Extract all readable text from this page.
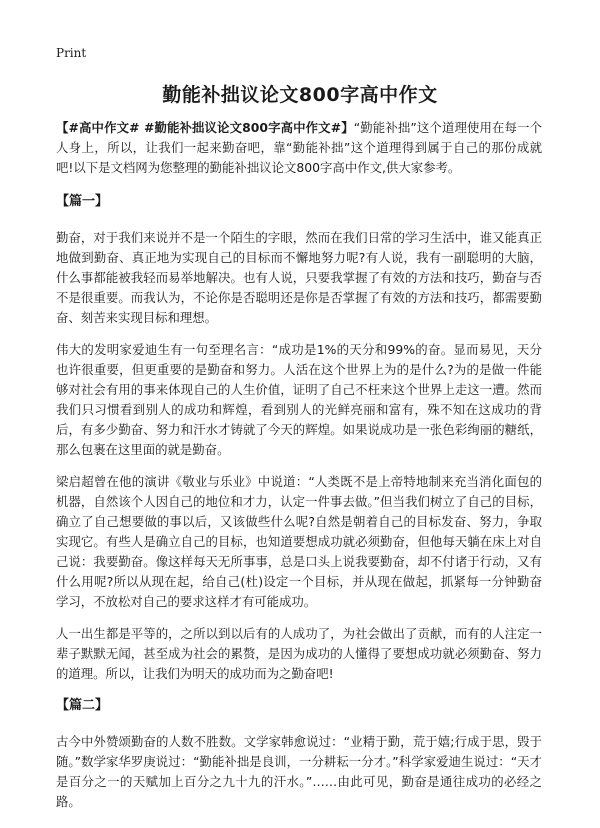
Print
勤能补拙议论文800字高中作文

【#高中作文# #勤能补拙议论文800字高中作文#】“勤能补拙”这个道理使用在每一个人身上，所以，让我们一起来勤奋吧，靠“勤能补拙”这个道理得到属于自己的那份成就吧!以下是文档网为您整理的勤能补拙议论文800字高中作文,供大家参考。

【篇一】

勤奋，对于我们来说并不是一个陌生的字眼，然而在我们日常的学习生活中，谁又能真正地做到勤奋、真正地为实现自己的目标而不懈地努力呢?有人说，我有一副聪明的大脑，什么事都能被我轻而易举地解决。也有人说，只要我掌握了有效的方法和技巧，勤奋与否不是很重要。而我认为，不论你是否聪明还是你是否掌握了有效的方法和技巧，都需要勤奋、刻苦来实现目标和理想。

伟大的发明家爱迪生有一句至理名言：“成功是1%的天分和99%的奋。显而易见，天分也许很重要，但更重要的是勤奋和努力。人活在这个世界上为的是什么?为的是做一件能够对社会有用的事来体现自己的人生价值，证明了自己不枉来这个世界上走这一遭。然而我们只习惯看到别人的成功和辉煌，看到别人的光鲜亮丽和富有，殊不知在这成功的背后，有多少勤奋、努力和汗水才铸就了今天的辉煌。如果说成功是一张色彩绚丽的糖纸，那么包裹在这里面的就是勤奋。

梁启超曾在他的演讲《敬业与乐业》中说道：“人类既不是上帝特地制来充当消化面包的机器，自然该个人因自己的地位和才力，认定一件事去做。”但当我们树立了自己的目标，确立了自己想要做的事以后，又该做些什么呢?自然是朝着自己的目标发奋、努力，争取实现它。有些人是确立自己的目标，也知道要想成功就必须勤奋，但他每天躺在床上对自己说：我要勤奋。像这样每天无所事事，总是口头上说我要勤奋，却不付诸于行动，又有什么用呢?所以从现在起，给自己(杜)设定一个目标，并从现在做起，抓紧每一分钟勤奋学习，不放松对自己的要求这样才有可能成功。

人一出生都是平等的，之所以到以后有的人成功了，为社会做出了贡献，而有的人注定一辈子默默无闻，甚至成为社会的累赘，是因为成功的人懂得了要想成功就必须勤奋、努力的道理。所以，让我们为明天的成功而为之勤奋吧!

【篇二】

古今中外赞颂勤奋的人数不胜数。文学家韩愈说过：“业精于勤，荒于嬉;行成于思，毁于随。”数学家华罗庚说过：“勤能补拙是良训，一分耕耘一分才。”科学家爱迪生说过：“天才是百分之一的天赋加上百分之九十九的汗水。”……由此可见，勤奋是通往成功的必经之路。
